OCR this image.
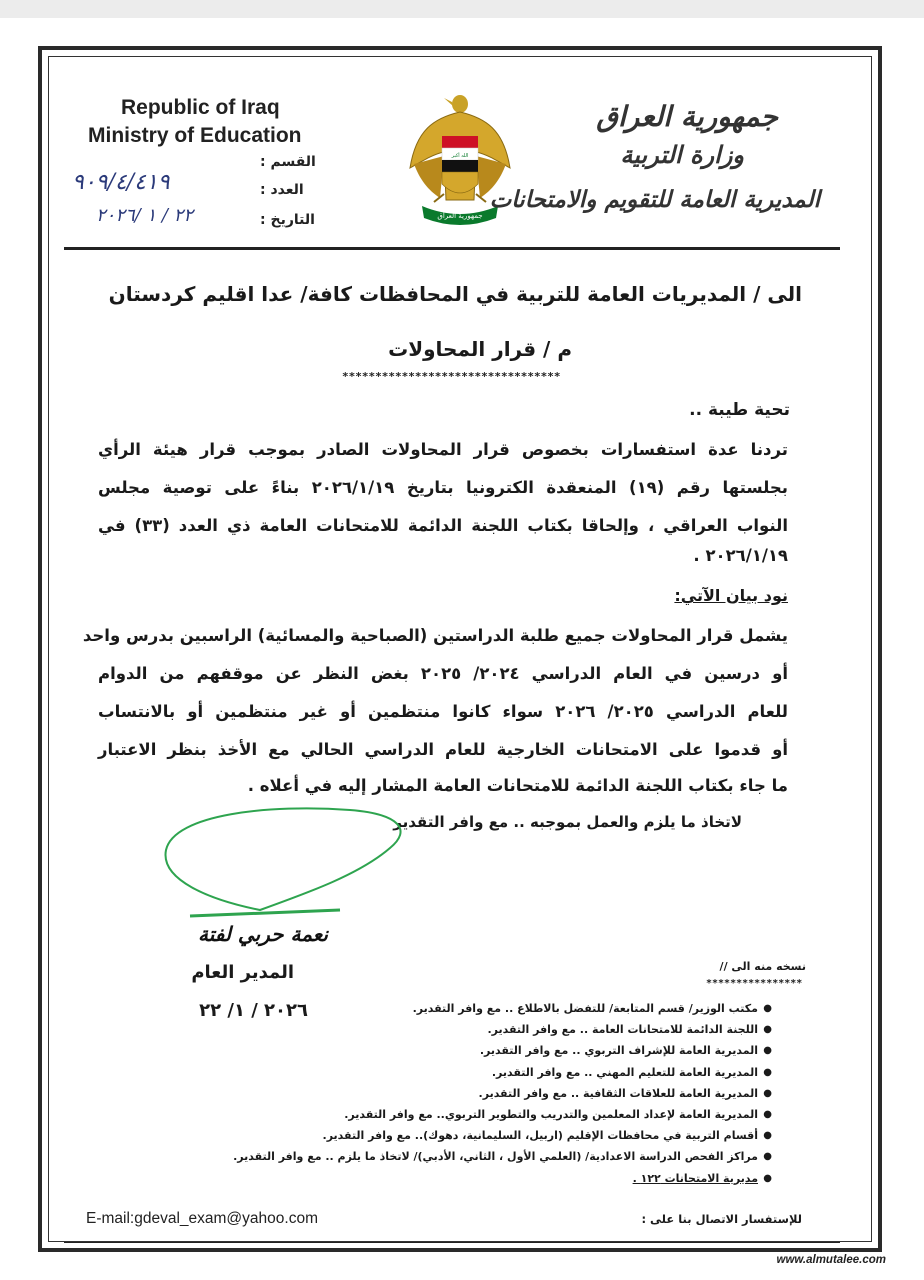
Republic of Iraq
Ministry of Education
القسم :
العدد :
التاريخ :
٩٠٩/٤/٤١٩
٢٢ / ١ /٢٠٢٦
الله أكبر
جمهورية العراق
جمهورية العراق
وزارة التربية
المديرية العامة للتقويم والامتحانات
الى / المديريات العامة للتربية في المحافظات كافة/ عدا اقليم كردستان
م / قرار المحاولات
*********************************
تحية طيبة ..
تردنا عدة استفسارات بخصوص قرار المحاولات الصادر بموجب قرار هيئة الرأي
بجلستها رقم (١٩) المنعقدة الكترونيا بتاريخ ٢٠٢٦/١/١٩ بناءً على توصية مجلس
النواب العراقي ، وإلحاقا بكتاب اللجنة الدائمة للامتحانات العامة ذي العدد (٣٣) في
٢٠٢٦/١/١٩ .
نود بيان الآتي:
يشمل قرار المحاولات جميع طلبة الدراستين (الصباحية والمسائية) الراسبين بدرس واحد
أو درسين في العام الدراسي ٢٠٢٤/ ٢٠٢٥ بغض النظر عن موقفهم من الدوام
للعام الدراسي ٢٠٢٥/ ٢٠٢٦ سواء كانوا منتظمين أو غير منتظمين أو بالانتساب
أو قدموا على الامتحانات الخارجية للعام الدراسي الحالي مع الأخذ بنظر الاعتبار
ما جاء بكتاب اللجنة الدائمة للامتحانات العامة المشار إليه في أعلاه .
لاتخاذ ما يلزم والعمل بموجبه .. مع وافر التقدير
نعمة حربي لفتة
المدير العام
٢٠٢٦ / ١/ ٢٢
نسخه منه الى //
****************
●
مكتب الوزير/ قسم المتابعة/ للتفضل بالاطلاع .. مع وافر التقدير.
●
اللجنة الدائمة للامتحانات العامة .. مع وافر التقدير.
●
المديرية العامة للإشراف التربوي .. مع وافر التقدير.
●
المديرية العامة للتعليم المهني .. مع وافر التقدير.
●
المديرية العامة للعلاقات الثقافية .. مع وافر التقدير.
●
المديرية العامة لإعداد المعلمين والتدريب والتطوير التربوي.. مع وافر التقدير.
●
أقسام التربية في محافظات الإقليم (اربيل، السليمانية، دهوك).. مع وافر التقدير.
●
مراكز الفحص الدراسة الاعدادية/ (العلمي الأول ، الثاني، الأدبي)/ لاتخاذ ما يلزم .. مع وافر التقدير.
●
مديرية الامتحانات ١٢٢ .
E-mail:gdeval_exam@yahoo.com	للإستفسار الاتصال بنا على :
www.almutalee.com
